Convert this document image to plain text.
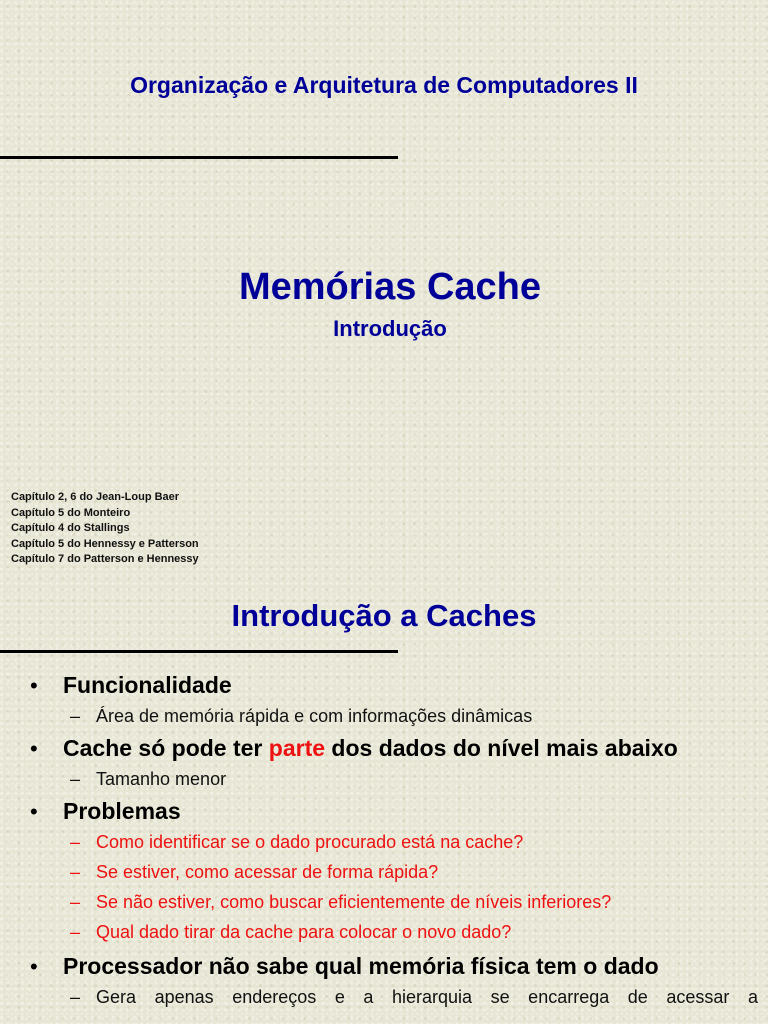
Organização e Arquitetura de Computadores II
Memórias Cache
Introdução
Capítulo 2, 6 do Jean-Loup Baer
Capítulo 5 do Monteiro
Capítulo 4 do Stallings
Capítulo 5 do Hennessy e Patterson
Capítulo 7 do Patterson e Hennessy
Introdução a Caches
•	Funcionalidade
– Área de memória rápida e com informações dinâmicas
•	Cache só pode ter parte dos dados do nível mais abaixo
– Tamanho menor
•	Problemas
– Como identificar se o dado procurado está na cache?
– Se estiver, como acessar de forma rápida?
– Se não estiver, como buscar eficientemente de níveis inferiores?
– Qual dado tirar da cache para colocar o novo dado?
•	Processador não sabe qual memória física tem o dado
– Gera apenas endereços e a hierarquia se encarrega de acessar a
